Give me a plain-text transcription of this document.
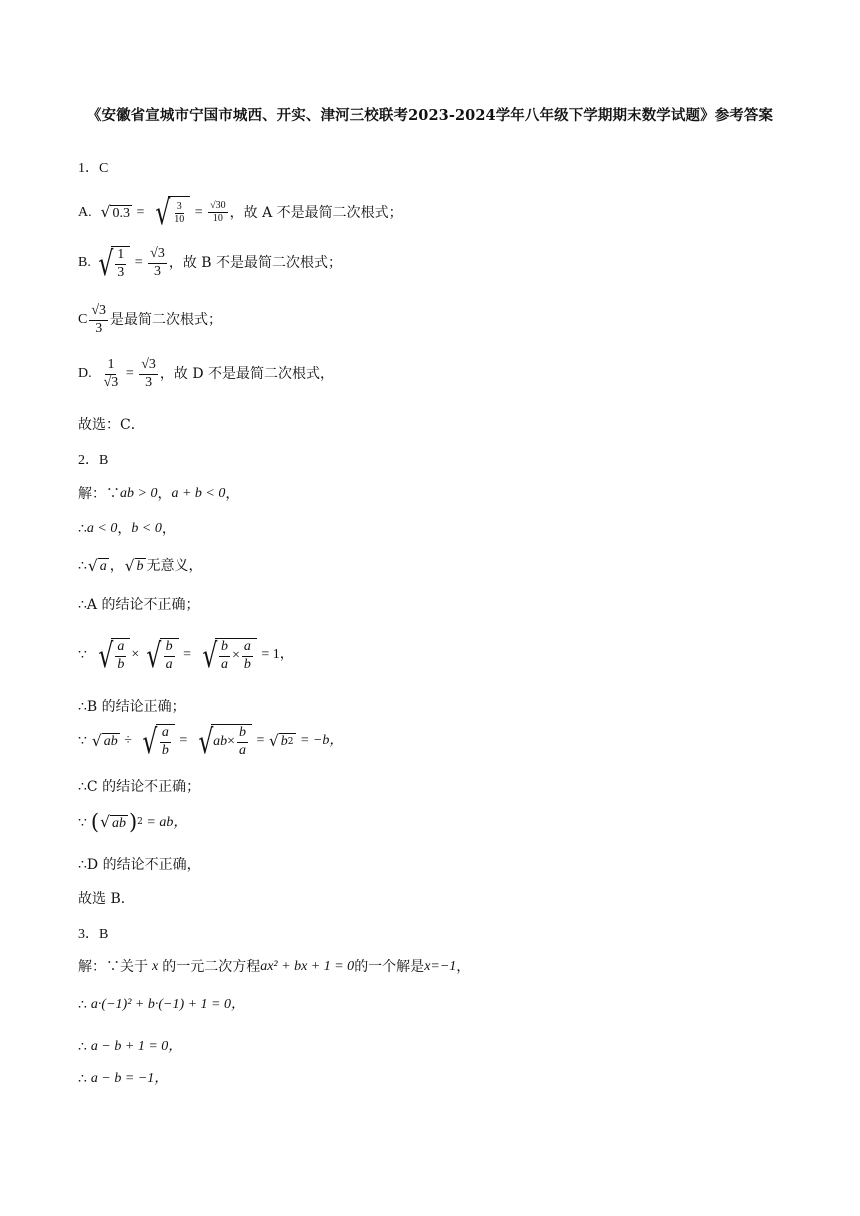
《安徽省宣城市宁国市城西、开实、津河三校联考2023-2024学年八年级下学期期末数学试题》参考答案
1．C
A. √ 0.3 = √ $\frac{3}{10} = \frac{√30}{10}$ ，故 A 不是最简二次根式；
B. √ $\frac{1}{3} = \frac{√3}{3}$ ，故 B 不是最简二次根式；
C $\frac{√3}{3}$ 是最简二次根式；
D. $\frac{1}{√3} = \frac{√3}{3}$ ，故 D 不是最简二次根式，
故选：C．
2．B
解：∵ ab > 0 ， a + b < 0 ，
∴ a < 0 ， b < 0 ，
∴ √ a ， √ b 无意义，
∴A 的结论不正确；
∵ √ $\frac{a}{b}$ × √ $\frac{b}{a}$ = √ $\frac{b}{a} \times \frac{a}{b}$
= 1，
∴B 的结论正确；
∵ √ ab ÷ √ $\frac{a}{b}$ = √ ab × $\frac{b}{a}$ = √ b 2
= −b，
∴C 的结论不正确；
∵ ( √ ab ) 2
= ab，
∴D 的结论不正确，
故选 B．
3．B
解：∵关于 x 的一元二次方程 ax² + bx + 1 = 0 的一个解是 x=−1 ，
∴ a·(−1)² + b·(−1) + 1 = 0，
∴ a − b + 1 = 0，
∴ a − b = −1，
